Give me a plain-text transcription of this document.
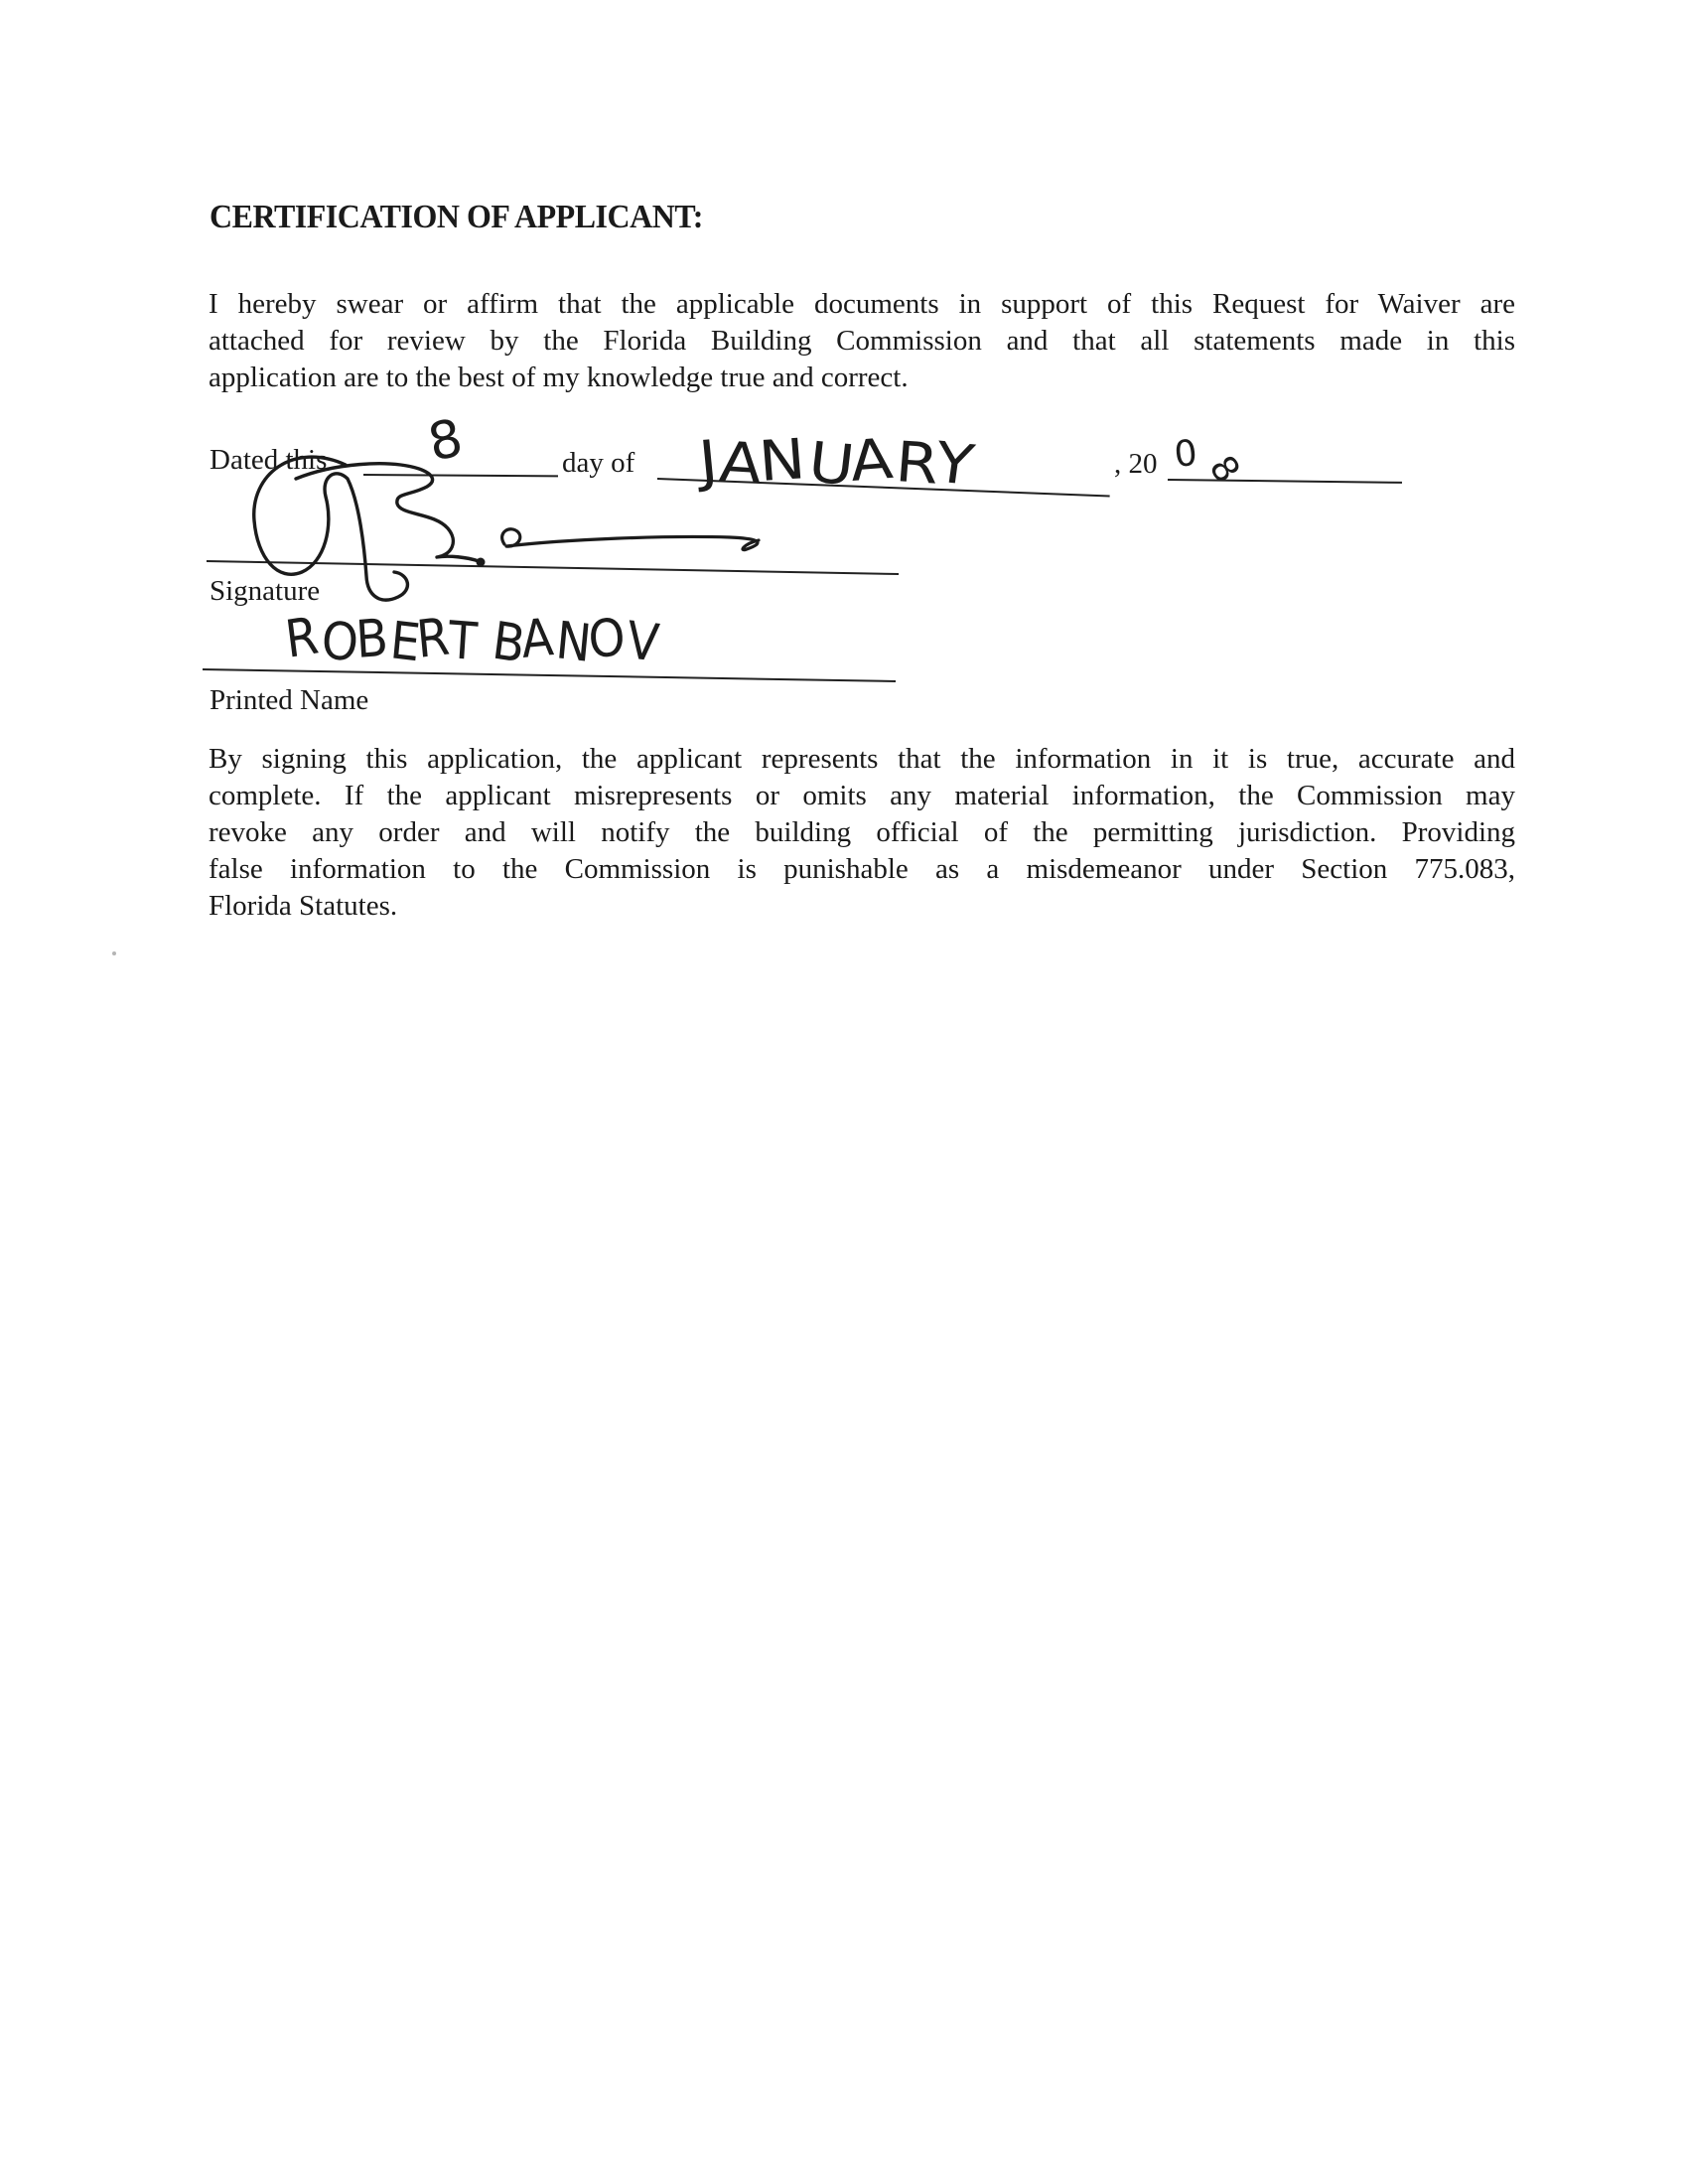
CERTIFICATION OF APPLICANT:
I hereby swear or affirm that the applicable documents in support of this Request for Waiver are
attached for review by the Florida Building Commission and that all statements made in this
application are to the best of my knowledge true and correct.
Dated this 8	day of JANUARY	, 20 08
Signature
ROBERT BANOV
Printed Name
By signing this application, the applicant represents that the information in it is true, accurate and
complete. If the applicant misrepresents or omits any material information, the Commission may
revoke any order and will notify the building official of the permitting jurisdiction. Providing
false information to the Commission is punishable as a misdemeanor under Section 775.083,
Florida Statutes.
